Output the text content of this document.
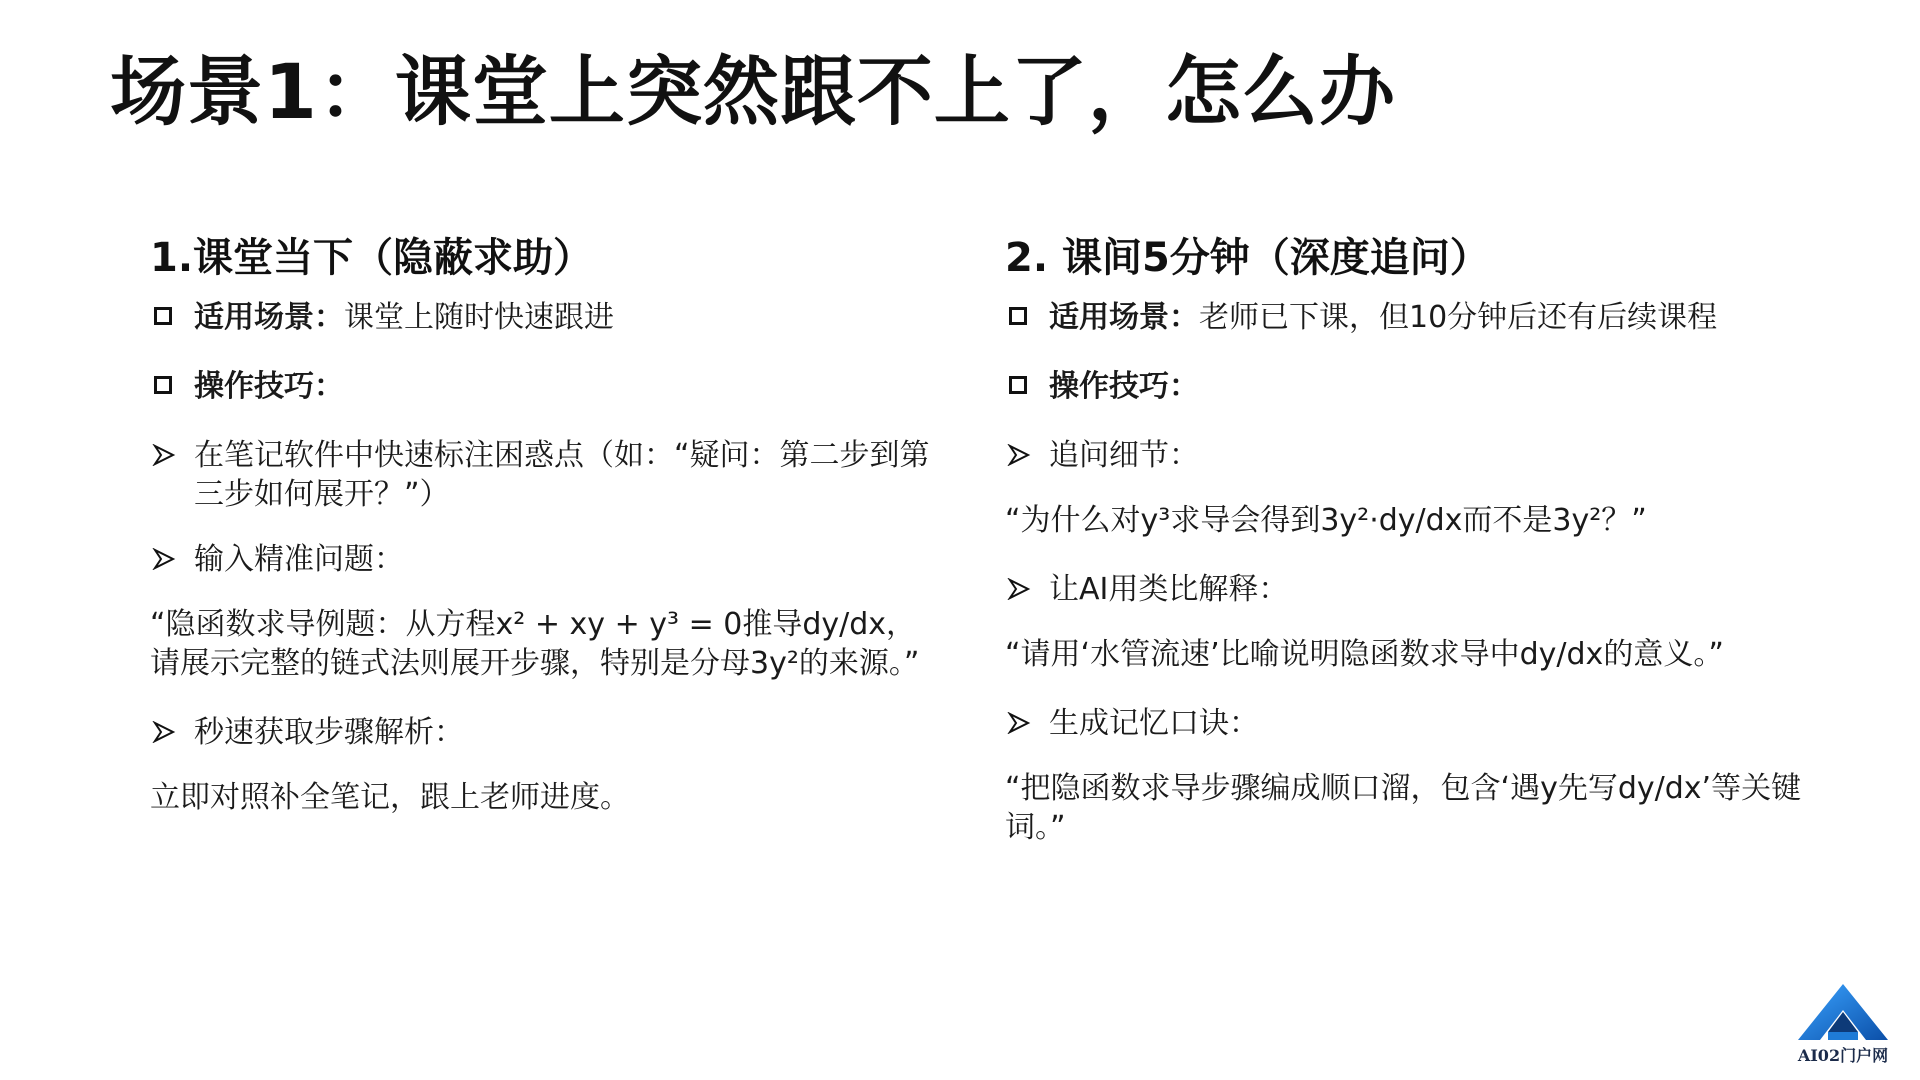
场景1：课堂上突然跟不上了，怎么办
1.课堂当下（隐蔽求助）
适用场景：课堂上随时快速跟进
操作技巧：
在笔记软件中快速标注困惑点（如：“疑问：第二步到第三步如何展开？”）
输入精准问题：
“隐函数求导例题：从方程x² + xy + y³ = 0推导dy/dx，请展示完整的链式法则展开步骤，特别是分母3y²的来源。”
秒速获取步骤解析：
立即对照补全笔记，跟上老师进度。
2. 课间5分钟（深度追问）
适用场景：老师已下课，但10分钟后还有后续课程
操作技巧：
追问细节：
“为什么对y³求导会得到3y²·dy/dx而不是3y²？”
让AI用类比解释：
“请用‘水管流速’比喻说明隐函数求导中dy/dx的意义。”
生成记忆口诀：
“把隐函数求导步骤编成顺口溜，包含‘遇y先写dy/dx’等关键词。”
AI02门户网
